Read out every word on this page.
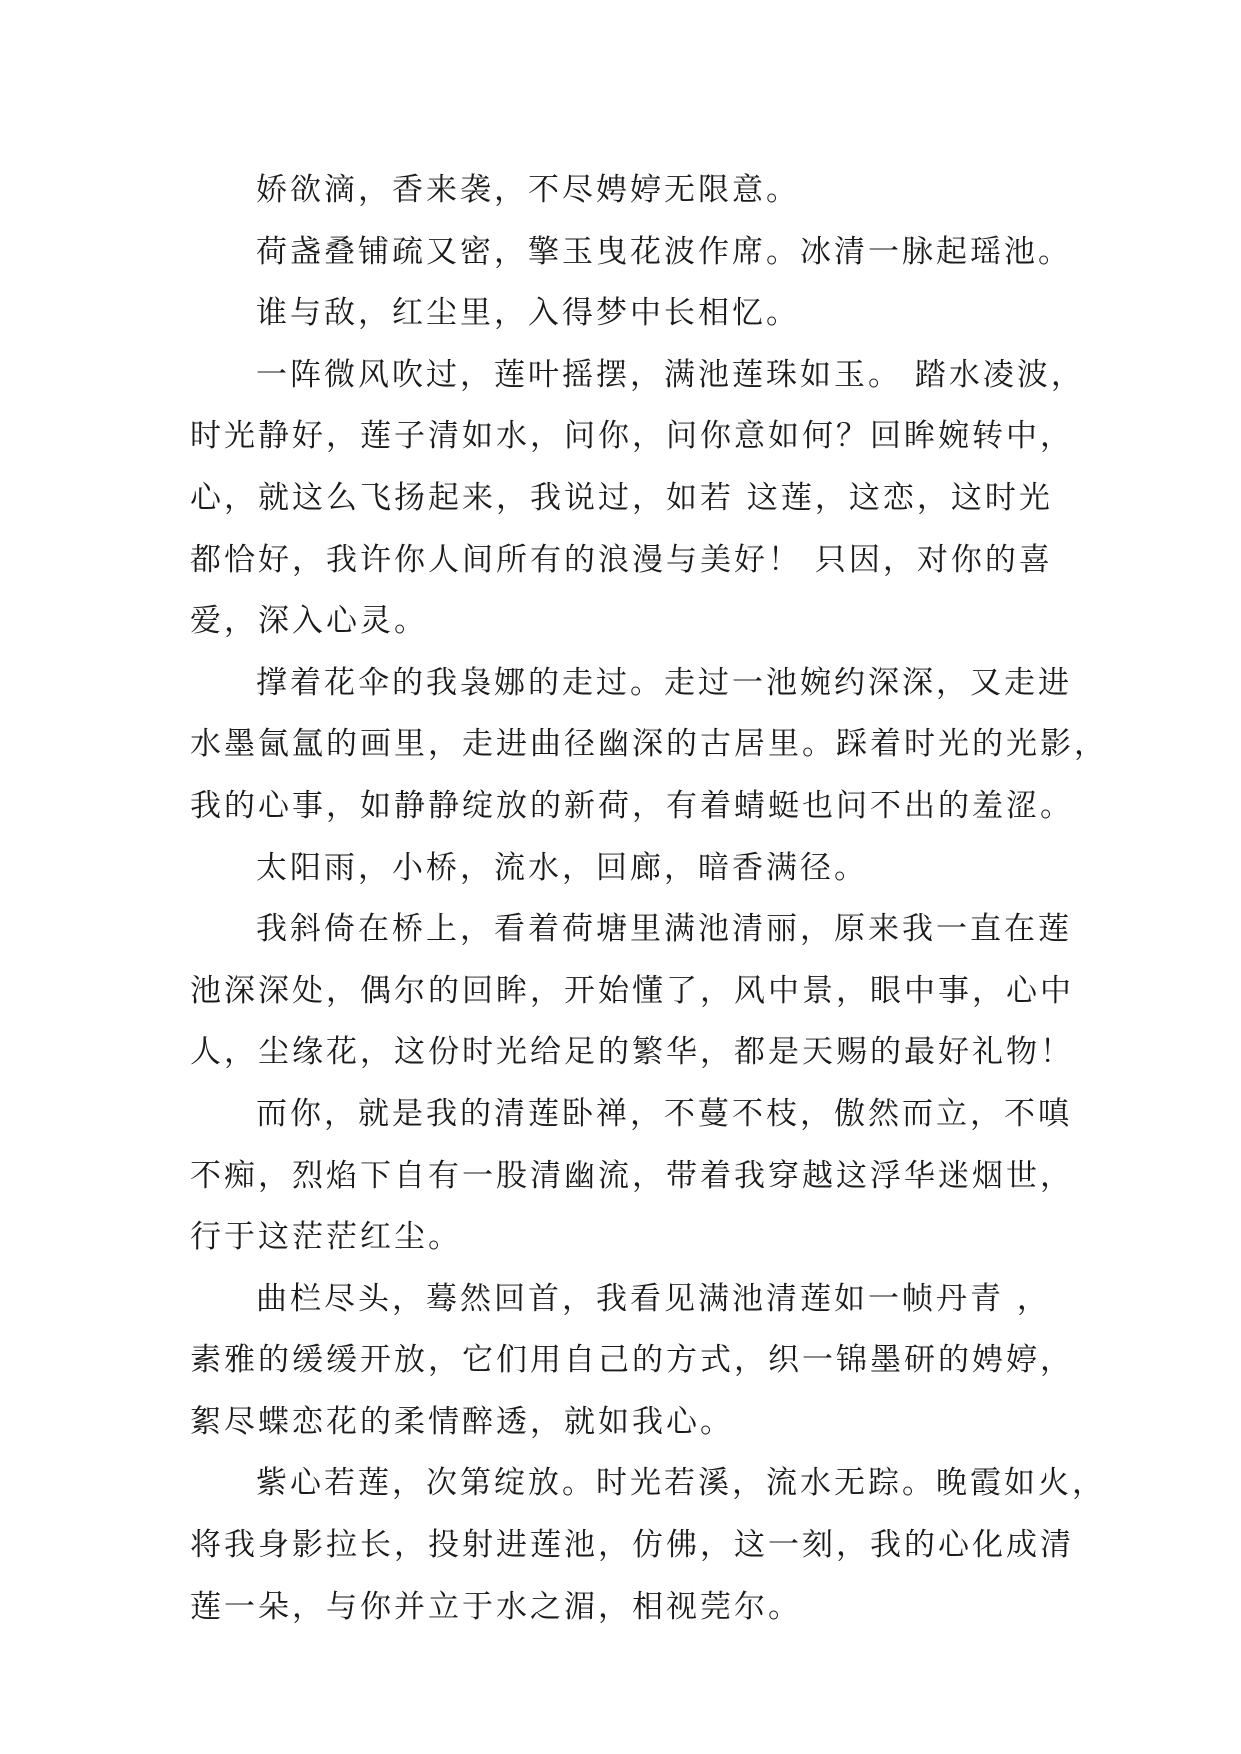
娇欲滴，香来袭，不尽娉婷无限意。
荷盏叠铺疏又密，擎玉曳花波作席。冰清一脉起瑶池。
谁与敌，红尘里，入得梦中长相忆。
一阵微风吹过，莲叶摇摆，满池莲珠如玉。 踏水凌波，
时光静好，莲子清如水，问你，问你意如何？回眸婉转中，
心，就这么飞扬起来，我说过，如若 这莲，这恋，这时光
都恰好，我许你人间所有的浪漫与美好！ 只因，对你的喜
爱，深入心灵。
撑着花伞的我袅娜的走过。走过一池婉约深深，又走进
水墨氤氲的画里，走进曲径幽深的古居里。踩着时光的光影，
我的心事，如静静绽放的新荷，有着蜻蜓也问不出的羞涩。
太阳雨，小桥，流水，回廊，暗香满径。
我斜倚在桥上，看着荷塘里满池清丽，原来我一直在莲
池深深处，偶尔的回眸，开始懂了，风中景，眼中事，心中
人，尘缘花，这份时光给足的繁华，都是天赐的最好礼物！
而你，就是我的清莲卧禅，不蔓不枝，傲然而立，不嗔
不痴，烈焰下自有一股清幽流，带着我穿越这浮华迷烟世，
行于这茫茫红尘。
曲栏尽头，蓦然回首，我看见满池清莲如一帧丹青 ，
素雅的缓缓开放，它们用自己的方式，织一锦墨研的娉婷，
絮尽蝶恋花的柔情醉透，就如我心。
紫心若莲，次第绽放。时光若溪，流水无踪。晚霞如火，
将我身影拉长，投射进莲池，仿佛，这一刻，我的心化成清
莲一朵，与你并立于水之湄，相视莞尔。
